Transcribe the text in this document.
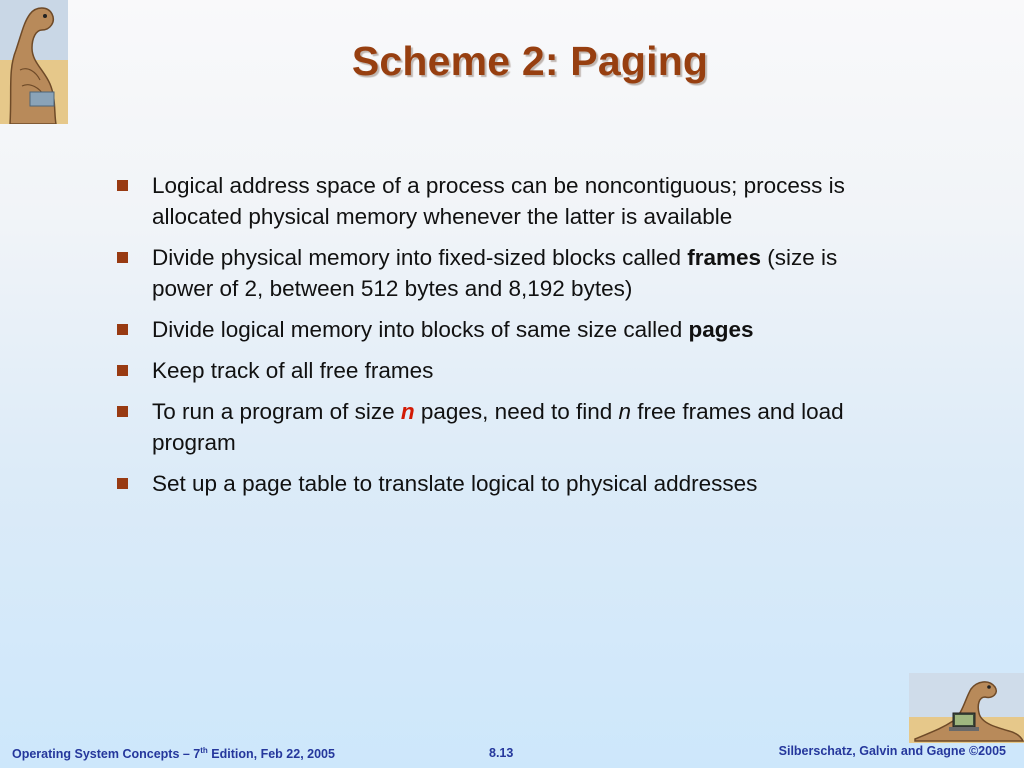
Scheme 2: Paging
Logical address space of a process can be noncontiguous; process is allocated physical memory whenever the latter is available
Divide physical memory into fixed-sized blocks called frames (size is power of 2, between 512 bytes and 8,192 bytes)
Divide logical memory into blocks of same size called pages
Keep track of all free frames
To run a program of size n pages, need to find n free frames and load program
Set up a page table to translate logical to physical addresses
Operating System Concepts – 7th Edition, Feb 22, 2005	8.13	Silberschatz, Galvin and Gagne ©2005
